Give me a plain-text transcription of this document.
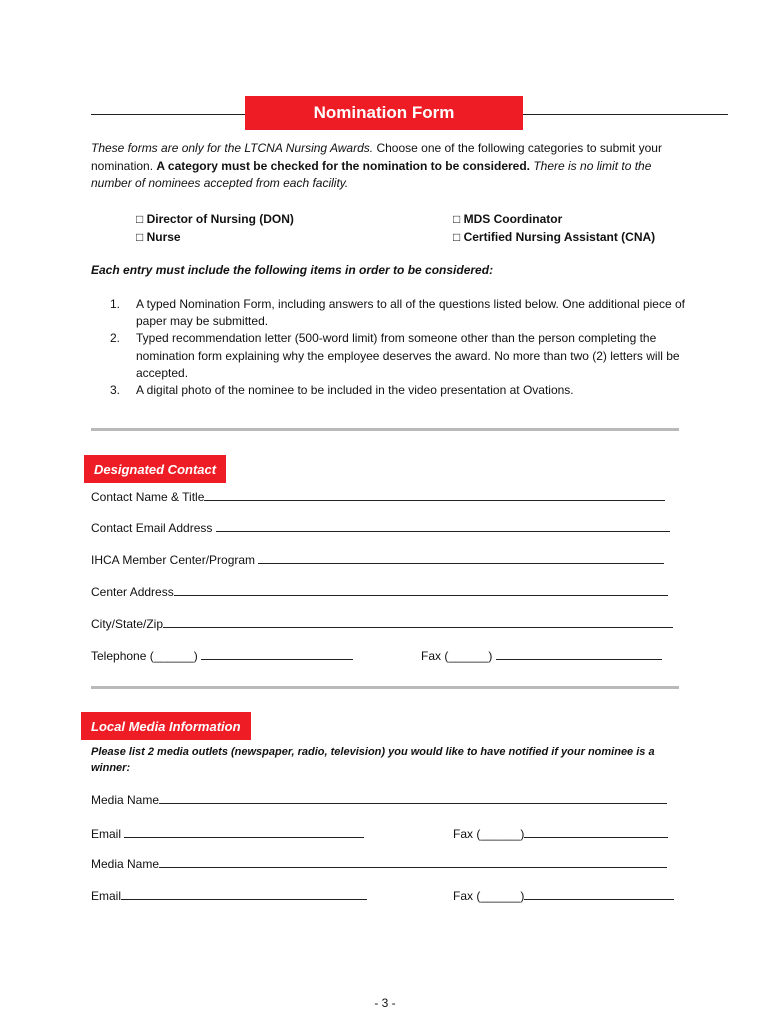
Nomination Form
These forms are only for the LTCNA Nursing Awards. Choose one of the following categories to submit your nomination. A category must be checked for the nomination to be considered. There is no limit to the number of nominees accepted from each facility.
□ Director of Nursing (DON)
□ Nurse
□ MDS Coordinator
□ Certified Nursing Assistant (CNA)
Each entry must include the following items in order to be considered:
1.	A typed Nomination Form, including answers to all of the questions listed below. One additional piece of paper may be submitted.
2.	Typed recommendation letter (500-word limit) from someone other than the person completing the nomination form explaining why the employee deserves the award. No more than two (2) letters will be accepted.
3.	A digital photo of the nominee to be included in the video presentation at Ovations.
Designated Contact
Contact Name & Title
Contact Email Address
IHCA Member Center/Program
Center Address
City/State/Zip
Telephone (______)	Fax (______)
Local Media Information
Please list 2 media outlets (newspaper, radio, television) you would like to have notified if your nominee is a winner:
Media Name
Email	Fax (______)
Media Name
Email	Fax (______)
- 3 -
